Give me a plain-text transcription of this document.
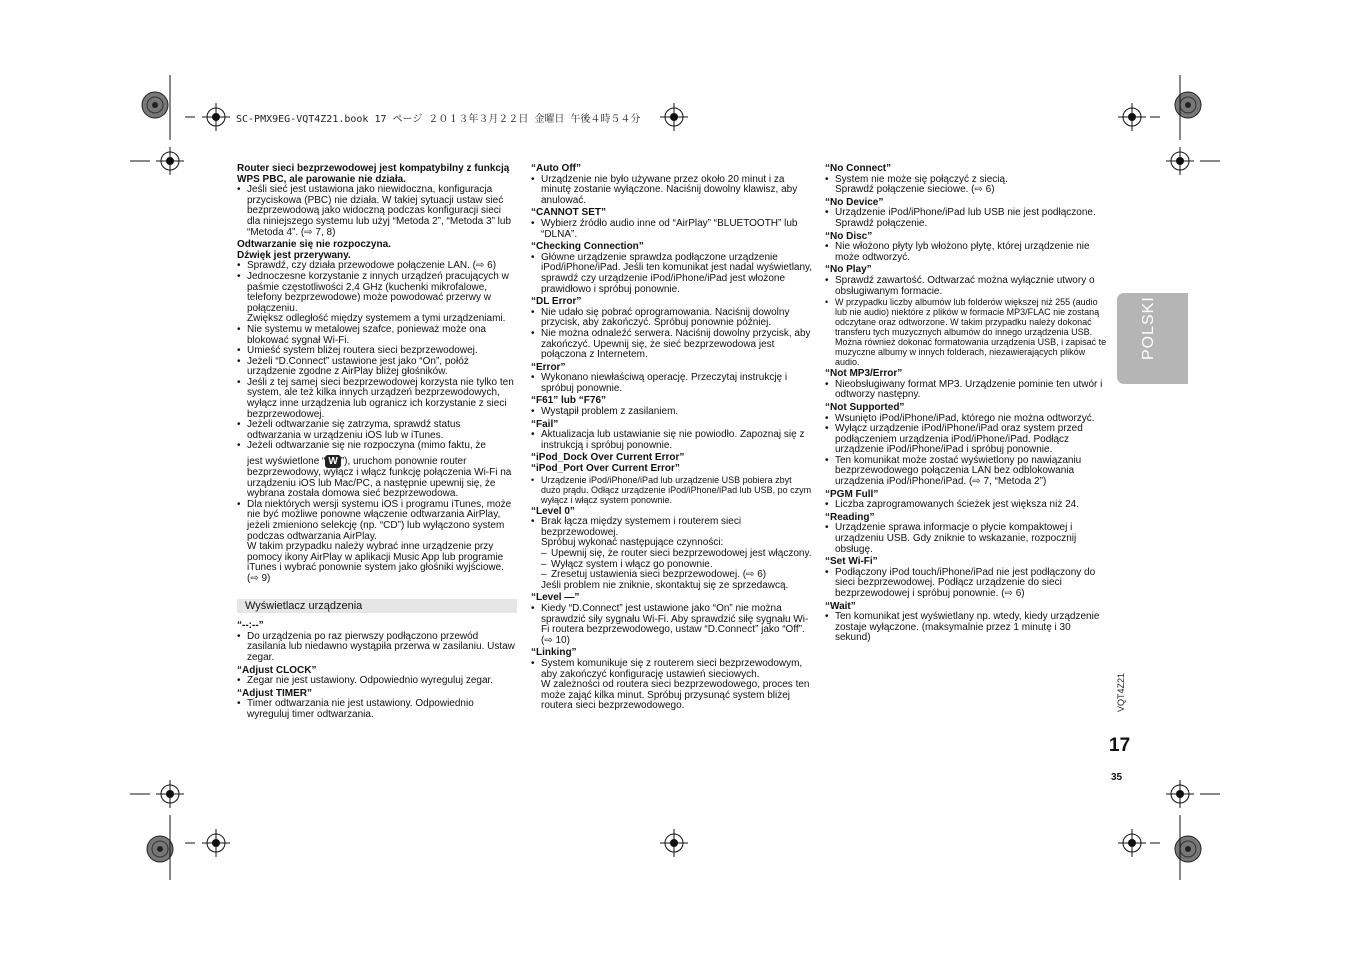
SC-PMX9EG-VQT4Z21.book 17 ページ ２０１３年３月２２日 金曜日 午後４時５４分
POLSKI
VQT4Z21
17
35
Router sieci bezprzewodowej jest kompatybilny z funkcją WPS PBC, ale parowanie nie działa.
• Jeśli sieć jest ustawiona jako niewidoczna, konfiguracja przyciskowa (PBC) nie działa. W takiej sytuacji ustaw sieć bezprzewodową jako widoczną podczas konfiguracji sieci dla niniejszego systemu lub użyj “Metoda 2”, “Metoda 3” lub “Metoda 4”. (⇨ 7, 8)
Odtwarzanie się nie rozpoczyna.
Dźwięk jest przerywany.
• Sprawdź, czy działa przewodowe połączenie LAN. (⇨ 6)
• Jednoczesne korzystanie z innych urządzeń pracujących w paśmie częstotliwości 2,4 GHz (kuchenki mikrofalowe, telefony bezprzewodowe) może powodować przerwy w połączeniu.
Zwiększ odległość między systemem a tymi urządzeniami.
• Nie systemu w metalowej szafce, ponieważ może ona blokować sygnał Wi-Fi.
• Umieść system bliżej routera sieci bezprzewodowej.
• Jeżeli “D.Connect” ustawione jest jako “On”, połóż urządzenie zgodne z AirPlay bliżej głośników.
• Jeśli z tej samej sieci bezprzewodowej korzysta nie tylko ten system, ale też kilka innych urządzeń bezprzewodowych, wyłącz inne urządzenia lub ogranicz ich korzystanie z sieci bezprzewodowej.
• Jeżeli odtwarzanie się zatrzyma, sprawdź status odtwarzania w urządzeniu iOS lub w iTunes.
• Jeżeli odtwarzanie się nie rozpoczyna (mimo faktu, że
jest wyświetlone “ W ”), uruchom ponownie router bezprzewodowy, wyłącz i włącz funkcję połączenia Wi-Fi na urządzeniu iOS lub Mac/PC, a następnie upewnij się, że wybrana została domowa sieć bezprzewodowa.
• Dla niektórych wersji systemu iOS i programu iTunes, może nie być możliwe ponowne włączenie odtwarzania AirPlay, jeżeli zmieniono selekcję (np. “CD”) lub wyłączono system podczas odtwarzania AirPlay.
W takim przypadku należy wybrać inne urządzenie przy pomocy ikony AirPlay w aplikacji Music App lub programie iTunes i wybrać ponownie system jako głośniki wyjściowe. (⇨ 9)
Wyświetlacz urządzenia
“--:--”
• Do urządzenia po raz pierwszy podłączono przewód zasilania lub niedawno wystąpiła przerwa w zasilaniu. Ustaw zegar.
“Adjust CLOCK”
• Zegar nie jest ustawiony. Odpowiednio wyreguluj zegar.
“Adjust TIMER”
• Timer odtwarzania nie jest ustawiony. Odpowiednio wyreguluj timer odtwarzania.
“Auto Off”
• Urządzenie nie było używane przez około 20 minut i za minutę zostanie wyłączone. Naciśnij dowolny klawisz, aby anulować.
“CANNOT SET”
• Wybierz źródło audio inne od “AirPlay” “BLUETOOTH” lub “DLNA”.
“Checking Connection”
• Główne urządzenie sprawdza podłączone urządzenie iPod/iPhone/iPad. Jeśli ten komunikat jest nadal wyświetlany, sprawdź czy urządzenie iPod/iPhone/iPad jest włożone prawidłowo i spróbuj ponownie.
“DL Error”
• Nie udało się pobrać oprogramowania. Naciśnij dowolny przycisk, aby zakończyć. Spróbuj ponownie później.
• Nie można odnaleźć serwera. Naciśnij dowolny przycisk, aby zakończyć. Upewnij się, że sieć bezprzewodowa jest połączona z Internetem.
“Error”
• Wykonano niewłaściwą operację. Przeczytaj instrukcję i spróbuj ponownie.
“F61” lub “F76”
• Wystąpił problem z zasilaniem.
“Fail”
• Aktualizacja lub ustawianie się nie powiodło. Zapoznaj się z instrukcją i spróbuj ponownie.
“iPod_Dock Over Current Error”
“iPod_Port Over Current Error”
• Urządzenie iPod/iPhone/iPad lub urządzenie USB pobiera zbyt dużo prądu. Odłącz urządzenie iPod/iPhone/iPad lub USB, po czym wyłącz i włącz system ponownie.
“Level 0”
• Brak łącza między systemem i routerem sieci bezprzewodowej.
Spróbuj wykonać następujące czynności:
– Upewnij się, że router sieci bezprzewodowej jest włączony.
– Wyłącz system i włącz go ponownie.
– Zresetuj ustawienia sieci bezprzewodowej. (⇨ 6)
Jeśli problem nie zniknie, skontaktuj się ze sprzedawcą.
“Level —”
• Kiedy “D.Connect” jest ustawione jako “On” nie można sprawdzić siły sygnału Wi-Fi. Aby sprawdzić siłę sygnału Wi-Fi routera bezprzewodowego, ustaw “D.Connect” jako “Off”. (⇨ 10)
“Linking”
• System komunikuje się z routerem sieci bezprzewodowym, aby zakończyć konfigurację ustawień sieciowych.
W zależności od routera sieci bezprzewodowego, proces ten może zająć kilka minut. Spróbuj przysunąć system bliżej routera sieci bezprzewodowego.
“No Connect”
• System nie może się połączyć z siecią.
Sprawdź połączenie sieciowe. (⇨ 6)
“No Device”
• Urządzenie iPod/iPhone/iPad lub USB nie jest podłączone. Sprawdź połączenie.
“No Disc”
• Nie włożono płyty lyb włożono płytę, której urządzenie nie może odtworzyć.
“No Play”
• Sprawdź zawartość. Odtwarzać można wyłącznie utwory o obsługiwanym formacie.
• W przypadku liczby albumów lub folderów większej niż 255 (audio lub nie audio) niektóre z plików w formacie MP3/FLAC nie zostaną odczytane oraz odtworzone. W takim przypadku należy dokonać transferu tych muzycznych albumów do innego urządzenia USB. Można również dokonać formatowania urządzenia USB, i zapisać te muzyczne albumy w innych folderach, niezawierających plików audio.
“Not MP3/Error”
• Nieobsługiwany format MP3. Urządzenie pominie ten utwór i odtworzy następny.
“Not Supported”
• Wsunięto iPod/iPhone/iPad, którego nie można odtworzyć.
• Wyłącz urządzenie iPod/iPhone/iPad oraz system przed podłączeniem urządzenia iPod/iPhone/iPad. Podłącz urządzenie iPod/iPhone/iPad i spróbuj ponownie.
• Ten komunikat może zostać wyświetlony po nawiązaniu bezprzewodowego połączenia LAN bez odblokowania urządzenia iPod/iPhone/iPad. (⇨ 7, “Metoda 2”)
“PGM Full”
• Liczba zaprogramowanych ścieżek jest większa niż 24.
“Reading”
• Urządzenie sprawa informacje o płycie kompaktowej i urządzeniu USB. Gdy zniknie to wskazanie, rozpocznij obsługę.
“Set Wi-Fi”
• Podłączony iPod touch/iPhone/iPad nie jest podłączony do sieci bezprzewodowej. Podłącz urządzenie do sieci bezprzewodowej i spróbuj ponownie. (⇨ 6)
“Wait”
• Ten komunikat jest wyświetlany np. wtedy, kiedy urządzenie zostaje wyłączone. (maksymalnie przez 1 minutę i 30 sekund)
